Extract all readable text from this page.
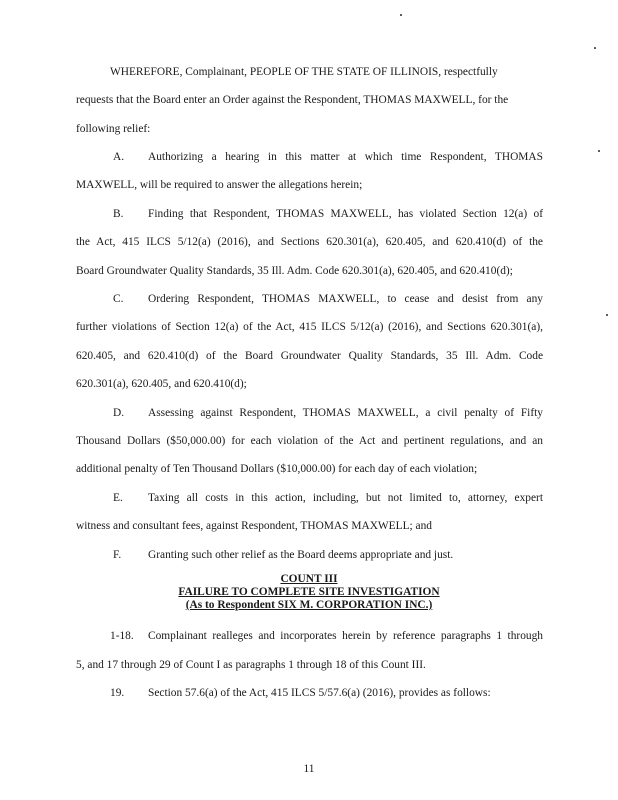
WHEREFORE, Complainant, PEOPLE OF THE STATE OF ILLINOIS, respectfully
requests that the Board enter an Order against the Respondent, THOMAS MAXWELL, for the
following relief:
A. Authorizing a hearing in this matter at which time Respondent, THOMAS
MAXWELL, will be required to answer the allegations herein;
B. Finding that Respondent, THOMAS MAXWELL, has violated Section 12(a) of
the Act, 415 ILCS 5/12(a) (2016), and Sections 620.301(a), 620.405, and 620.410(d) of the
Board Groundwater Quality Standards, 35 Ill. Adm. Code 620.301(a), 620.405, and 620.410(d);
C. Ordering Respondent, THOMAS MAXWELL, to cease and desist from any
further violations of Section 12(a) of the Act, 415 ILCS 5/12(a) (2016), and Sections 620.301(a),
620.405, and 620.410(d) of the Board Groundwater Quality Standards, 35 Ill. Adm. Code
620.301(a), 620.405, and 620.410(d);
D. Assessing against Respondent, THOMAS MAXWELL, a civil penalty of Fifty
Thousand Dollars ($50,000.00) for each violation of the Act and pertinent regulations, and an
additional penalty of Ten Thousand Dollars ($10,000.00) for each day of each violation;
E. Taxing all costs in this action, including, but not limited to, attorney, expert
witness and consultant fees, against Respondent, THOMAS MAXWELL; and
F. Granting such other relief as the Board deems appropriate and just.
COUNT III
FAILURE TO COMPLETE SITE INVESTIGATION
(As to Respondent SIX M. CORPORATION INC.)
1-18. Complainant realleges and incorporates herein by reference paragraphs 1 through
5, and 17 through 29 of Count I as paragraphs 1 through 18 of this Count III.
19. Section 57.6(a) of the Act, 415 ILCS 5/57.6(a) (2016), provides as follows:
11
